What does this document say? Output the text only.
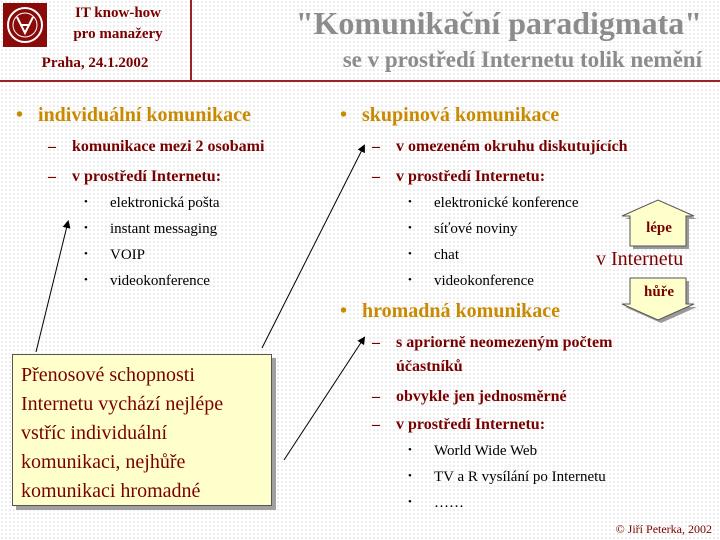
IT know-how
pro manažery
Praha, 24.1.2002
"Komunikační paradigmata"
se v prostředí Internetu tolik nemění
• individuální komunikace
– komunikace mezi 2 osobami
– v prostředí Internetu:
• elektronická pošta
• instant messaging
• VOIP
• videokonference
• skupinová komunikace
– v omezeném okruhu diskutujících
– v prostředí Internetu:
• elektronické konference
• síťové noviny
• chat
• videokonference
• hromadná komunikace
– s apriorně neomezeným počtem
účastníků
– obvykle jen jednosměrné
– v prostředí Internetu:
• World Wide Web
• TV a R vysílání po Internetu
• ……
lépe
v Internetu
hůře
Přenosové schopnosti
Internetu vychází nejlépe
vstříc individuální
komunikaci, nejhůře
komunikaci hromadné
© Jiří Peterka, 2002
